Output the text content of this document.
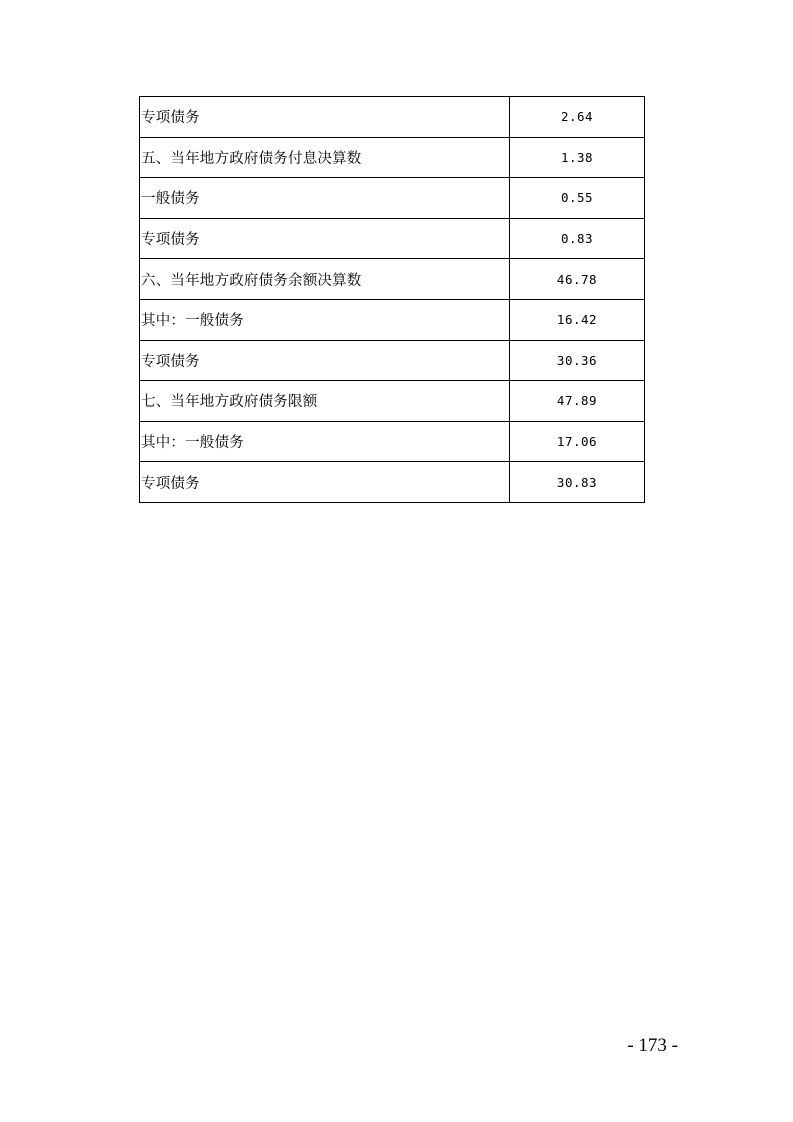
专项债务	2.64
五、当年地方政府债务付息决算数	1.38
一般债务	0.55
专项债务	0.83
六、当年地方政府债务余额决算数	46.78
其中：一般债务	16.42
专项债务	30.36
七、当年地方政府债务限额	47.89
其中：一般债务	17.06
专项债务	30.83
- 173 -
